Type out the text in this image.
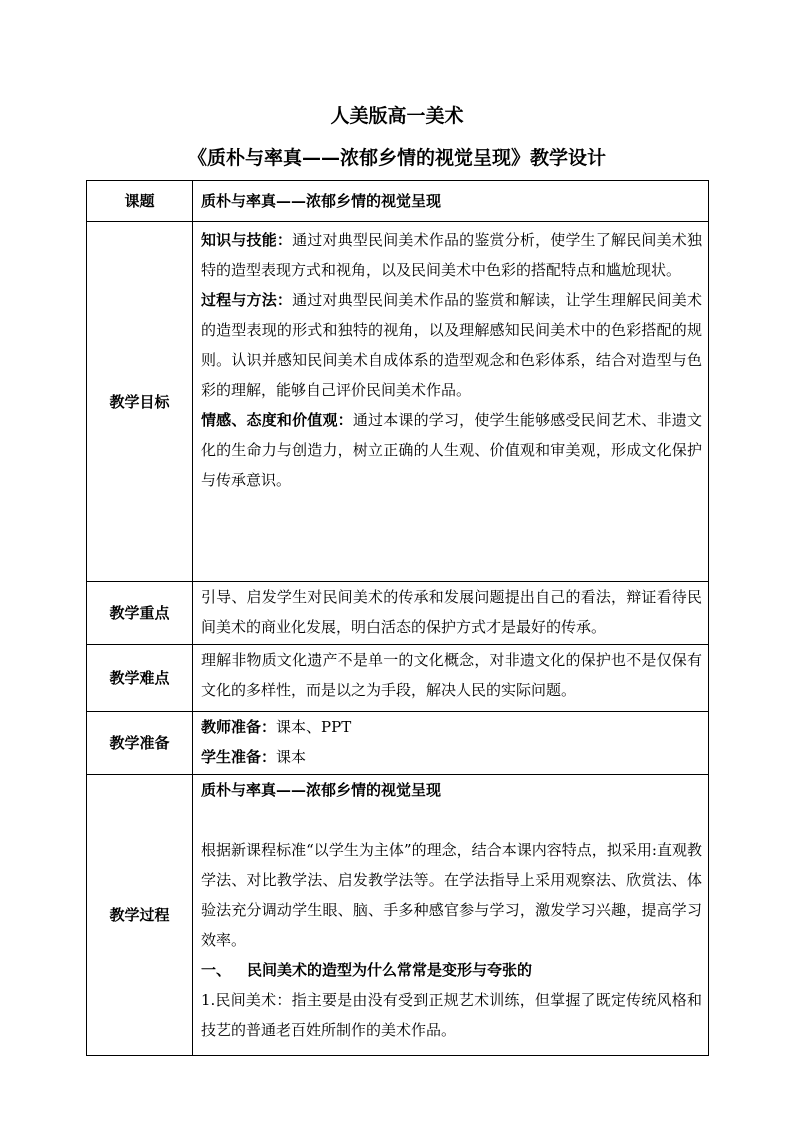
人美版高一美术
《质朴与率真——浓郁乡情的视觉呈现》教学设计
课题	质朴与率真——浓郁乡情的视觉呈现
教学目标	知识与技能：通过对典型民间美术作品的鉴赏分析，使学生了解民间美术独特的造型表现方式和视角，以及民间美术中色彩的搭配特点和尴尬现状。
过程与方法：通过对典型民间美术作品的鉴赏和解读，让学生理解民间美术的造型表现的形式和独特的视角，以及理解感知民间美术中的色彩搭配的规则。认识并感知民间美术自成体系的造型观念和色彩体系，结合对造型与色彩的理解，能够自己评价民间美术作品。
情感、态度和价值观：通过本课的学习，使学生能够感受民间艺术、非遗文化的生命力与创造力，树立正确的人生观、价值观和审美观，形成文化保护与传承意识。

教学重点	引导、启发学生对民间美术的传承和发展问题提出自己的看法，辩证看待民间美术的商业化发展，明白活态的保护方式才是最好的传承。

教学难点	理解非物质文化遗产不是单一的文化概念，对非遗文化的保护也不是仅保有文化的多样性，而是以之为手段，解决人民的实际问题。

教学准备	教师准备：课本、PPT
学生准备：课本

教学过程	质朴与率真——浓郁乡情的视觉呈现
根据新课程标准“以学生为主体”的理念，结合本课内容特点，拟采用:直观教学法、对比教学法、启发教学法等。在学法指导上采用观察法、欣赏法、体验法充分调动学生眼、脑、手多种感官参与学习，激发学习兴趣，提高学习效率。
一、 民间美术的造型为什么常常是变形与夸张的
1.民间美术：指主要是由没有受到正规艺术训练，但掌握了既定传统风格和技艺的普通老百姓所制作的美术作品。
